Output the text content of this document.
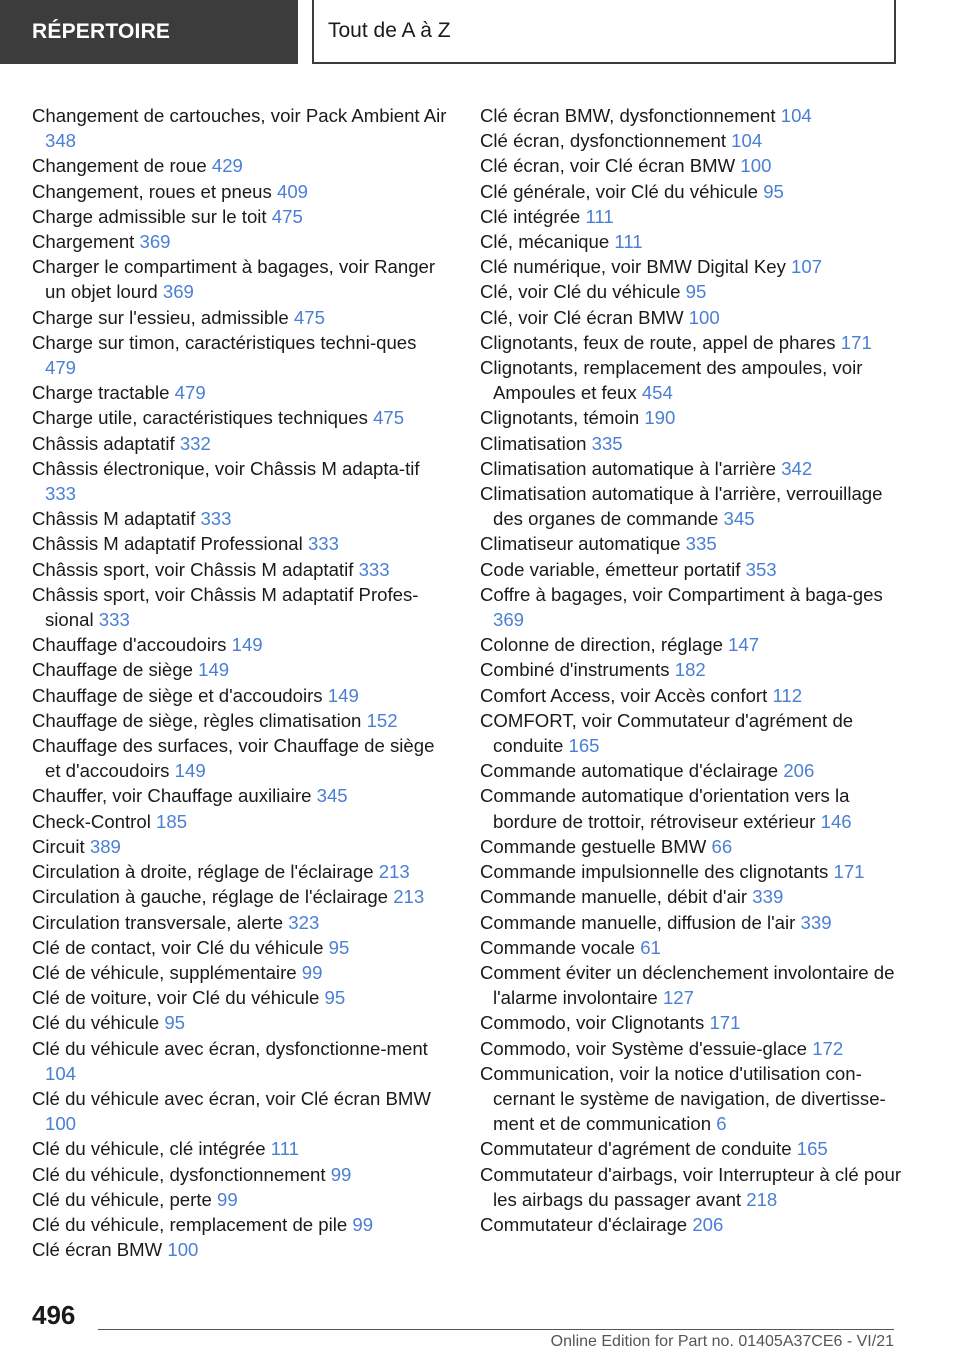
RÉPERTOIRE	Tout de A à Z
Changement de cartouches, voir Pack Ambient Air 348
Changement de roue 429
Changement, roues et pneus 409
Charge admissible sur le toit 475
Chargement 369
Charger le compartiment à bagages, voir Ranger un objet lourd 369
Charge sur l'essieu, admissible 475
Charge sur timon, caractéristiques techni-ques 479
Charge tractable 479
Charge utile, caractéristiques techniques 475
Châssis adaptatif 332
Châssis électronique, voir Châssis M adapta-tif 333
Châssis M adaptatif 333
Châssis M adaptatif Professional 333
Châssis sport, voir Châssis M adaptatif 333
Châssis sport, voir Châssis M adaptatif Profes-sional 333
Chauffage d'accoudoirs 149
Chauffage de siège 149
Chauffage de siège et d'accoudoirs 149
Chauffage de siège, règles climatisation 152
Chauffage des surfaces, voir Chauffage de siège et d'accoudoirs 149
Chauffer, voir Chauffage auxiliaire 345
Check-Control 185
Circuit 389
Circulation à droite, réglage de l'éclairage 213
Circulation à gauche, réglage de l'éclairage 213
Circulation transversale, alerte 323
Clé de contact, voir Clé du véhicule 95
Clé de véhicule, supplémentaire 99
Clé de voiture, voir Clé du véhicule 95
Clé du véhicule 95
Clé du véhicule avec écran, dysfonctionne-ment 104
Clé du véhicule avec écran, voir Clé écran BMW 100
Clé du véhicule, clé intégrée 111
Clé du véhicule, dysfonctionnement 99
Clé du véhicule, perte 99
Clé du véhicule, remplacement de pile 99
Clé écran BMW 100
Clé écran BMW, dysfonctionnement 104
Clé écran, dysfonctionnement 104
Clé écran, voir Clé écran BMW 100
Clé générale, voir Clé du véhicule 95
Clé intégrée 111
Clé, mécanique 111
Clé numérique, voir BMW Digital Key 107
Clé, voir Clé du véhicule 95
Clé, voir Clé écran BMW 100
Clignotants, feux de route, appel de phares 171
Clignotants, remplacement des ampoules, voir Ampoules et feux 454
Clignotants, témoin 190
Climatisation 335
Climatisation automatique à l'arrière 342
Climatisation automatique à l'arrière, verrouillage des organes de commande 345
Climatiseur automatique 335
Code variable, émetteur portatif 353
Coffre à bagages, voir Compartiment à baga-ges 369
Colonne de direction, réglage 147
Combiné d'instruments 182
Comfort Access, voir Accès confort 112
COMFORT, voir Commutateur d'agrément de conduite 165
Commande automatique d'éclairage 206
Commande automatique d'orientation vers la bordure de trottoir, rétroviseur extérieur 146
Commande gestuelle BMW 66
Commande impulsionnelle des clignotants 171
Commande manuelle, débit d'air 339
Commande manuelle, diffusion de l'air 339
Commande vocale 61
Comment éviter un déclenchement involontaire de l'alarme involontaire 127
Commodo, voir Clignotants 171
Commodo, voir Système d'essuie-glace 172
Communication, voir la notice d'utilisation con-cernant le système de navigation, de divertisse-ment et de communication 6
Commutateur d'agrément de conduite 165
Commutateur d'airbags, voir Interrupteur à clé pour les airbags du passager avant 218
Commutateur d'éclairage 206
496
Online Edition for Part no. 01405A37CE6 - VI/21
